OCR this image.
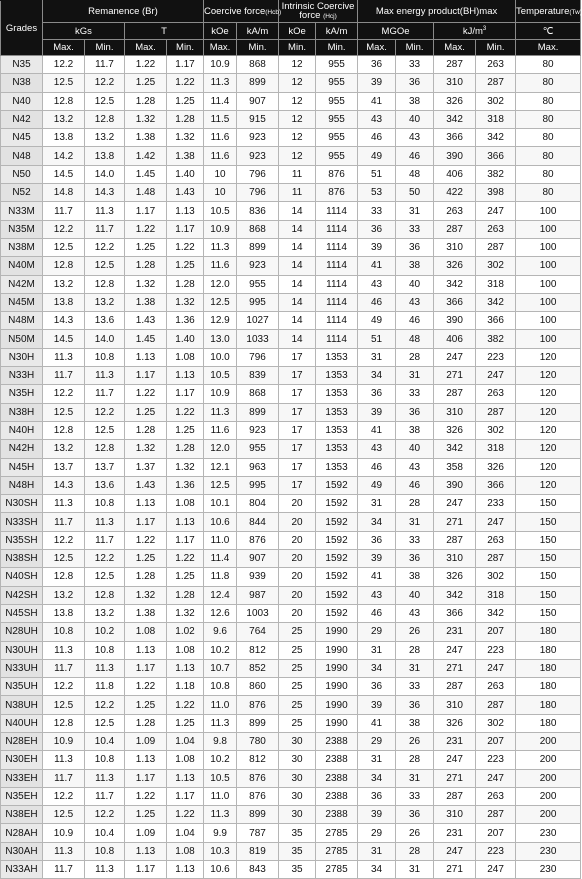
Grades	Remanence (Br)				Coercive force(Hcb)		Intrinsic Coercive force (Hcj)		Max energy product(BH)max				Temperature(Tw)
	kGs		T		kOe	kA/m	kOe	kA/m	MGOe		$kJ/m^3$		℃
	Max.	Min.	Max.	Min.	Max.	Min.	Min.	Min.	Max.	Min.	Max.	Min.	Max.
N35	12.2	11.7	1.22	1.17	10.9	868	12	955	36	33	287	263	80
N38	12.5	12.2	1.25	1.22	11.3	899	12	955	39	36	310	287	80
N40	12.8	12.5	1.28	1.25	11.4	907	12	955	41	38	326	302	80
N42	13.2	12.8	1.32	1.28	11.5	915	12	955	43	40	342	318	80
N45	13.8	13.2	1.38	1.32	11.6	923	12	955	46	43	366	342	80
N48	14.2	13.8	1.42	1.38	11.6	923	12	955	49	46	390	366	80
N50	14.5	14.0	1.45	1.40	10	796	11	876	51	48	406	382	80
N52	14.8	14.3	1.48	1.43	10	796	11	876	53	50	422	398	80
N33M	11.7	11.3	1.17	1.13	10.5	836	14	1114	33	31	263	247	100
N35M	12.2	11.7	1.22	1.17	10.9	868	14	1114	36	33	287	263	100
N38M	12.5	12.2	1.25	1.22	11.3	899	14	1114	39	36	310	287	100
N40M	12.8	12.5	1.28	1.25	11.6	923	14	1114	41	38	326	302	100
N42M	13.2	12.8	1.32	1.28	12.0	955	14	1114	43	40	342	318	100
N45M	13.8	13.2	1.38	1.32	12.5	995	14	1114	46	43	366	342	100
N48M	14.3	13.6	1.43	1.36	12.9	1027	14	1114	49	46	390	366	100
N50M	14.5	14.0	1.45	1.40	13.0	1033	14	1114	51	48	406	382	100
N30H	11.3	10.8	1.13	1.08	10.0	796	17	1353	31	28	247	223	120
N33H	11.7	11.3	1.17	1.13	10.5	839	17	1353	34	31	271	247	120
N35H	12.2	11.7	1.22	1.17	10.9	868	17	1353	36	33	287	263	120
N38H	12.5	12.2	1.25	1.22	11.3	899	17	1353	39	36	310	287	120
N40H	12.8	12.5	1.28	1.25	11.6	923	17	1353	41	38	326	302	120
N42H	13.2	12.8	1.32	1.28	12.0	955	17	1353	43	40	342	318	120
N45H	13.7	13.7	1.37	1.32	12.1	963	17	1353	46	43	358	326	120
N48H	14.3	13.6	1.43	1.36	12.5	995	17	1592	49	46	390	366	120
N30SH	11.3	10.8	1.13	1.08	10.1	804	20	1592	31	28	247	233	150
N33SH	11.7	11.3	1.17	1.13	10.6	844	20	1592	34	31	271	247	150
N35SH	12.2	11.7	1.22	1.17	11.0	876	20	1592	36	33	287	263	150
N38SH	12.5	12.2	1.25	1.22	11.4	907	20	1592	39	36	310	287	150
N40SH	12.8	12.5	1.28	1.25	11.8	939	20	1592	41	38	326	302	150
N42SH	13.2	12.8	1.32	1.28	12.4	987	20	1592	43	40	342	318	150
N45SH	13.8	13.2	1.38	1.32	12.6	1003	20	1592	46	43	366	342	150
N28UH	10.8	10.2	1.08	1.02	9.6	764	25	1990	29	26	231	207	180
N30UH	11.3	10.8	1.13	1.08	10.2	812	25	1990	31	28	247	223	180
N33UH	11.7	11.3	1.17	1.13	10.7	852	25	1990	34	31	271	247	180
N35UH	12.2	11.8	1.22	1.18	10.8	860	25	1990	36	33	287	263	180
N38UH	12.5	12.2	1.25	1.22	11.0	876	25	1990	39	36	310	287	180
N40UH	12.8	12.5	1.28	1.25	11.3	899	25	1990	41	38	326	302	180
N28EH	10.9	10.4	1.09	1.04	9.8	780	30	2388	29	26	231	207	200
N30EH	11.3	10.8	1.13	1.08	10.2	812	30	2388	31	28	247	223	200
N33EH	11.7	11.3	1.17	1.13	10.5	876	30	2388	34	31	271	247	200
N35EH	12.2	11.7	1.22	1.17	11.0	876	30	2388	36	33	287	263	200
N38EH	12.5	12.2	1.25	1.22	11.3	899	30	2388	39	36	310	287	200
N28AH	10.9	10.4	1.09	1.04	9.9	787	35	2785	29	26	231	207	230
N30AH	11.3	10.8	1.13	1.08	10.3	819	35	2785	31	28	247	223	230
N33AH	11.7	11.3	1.17	1.13	10.6	843	35	2785	34	31	271	247	230
